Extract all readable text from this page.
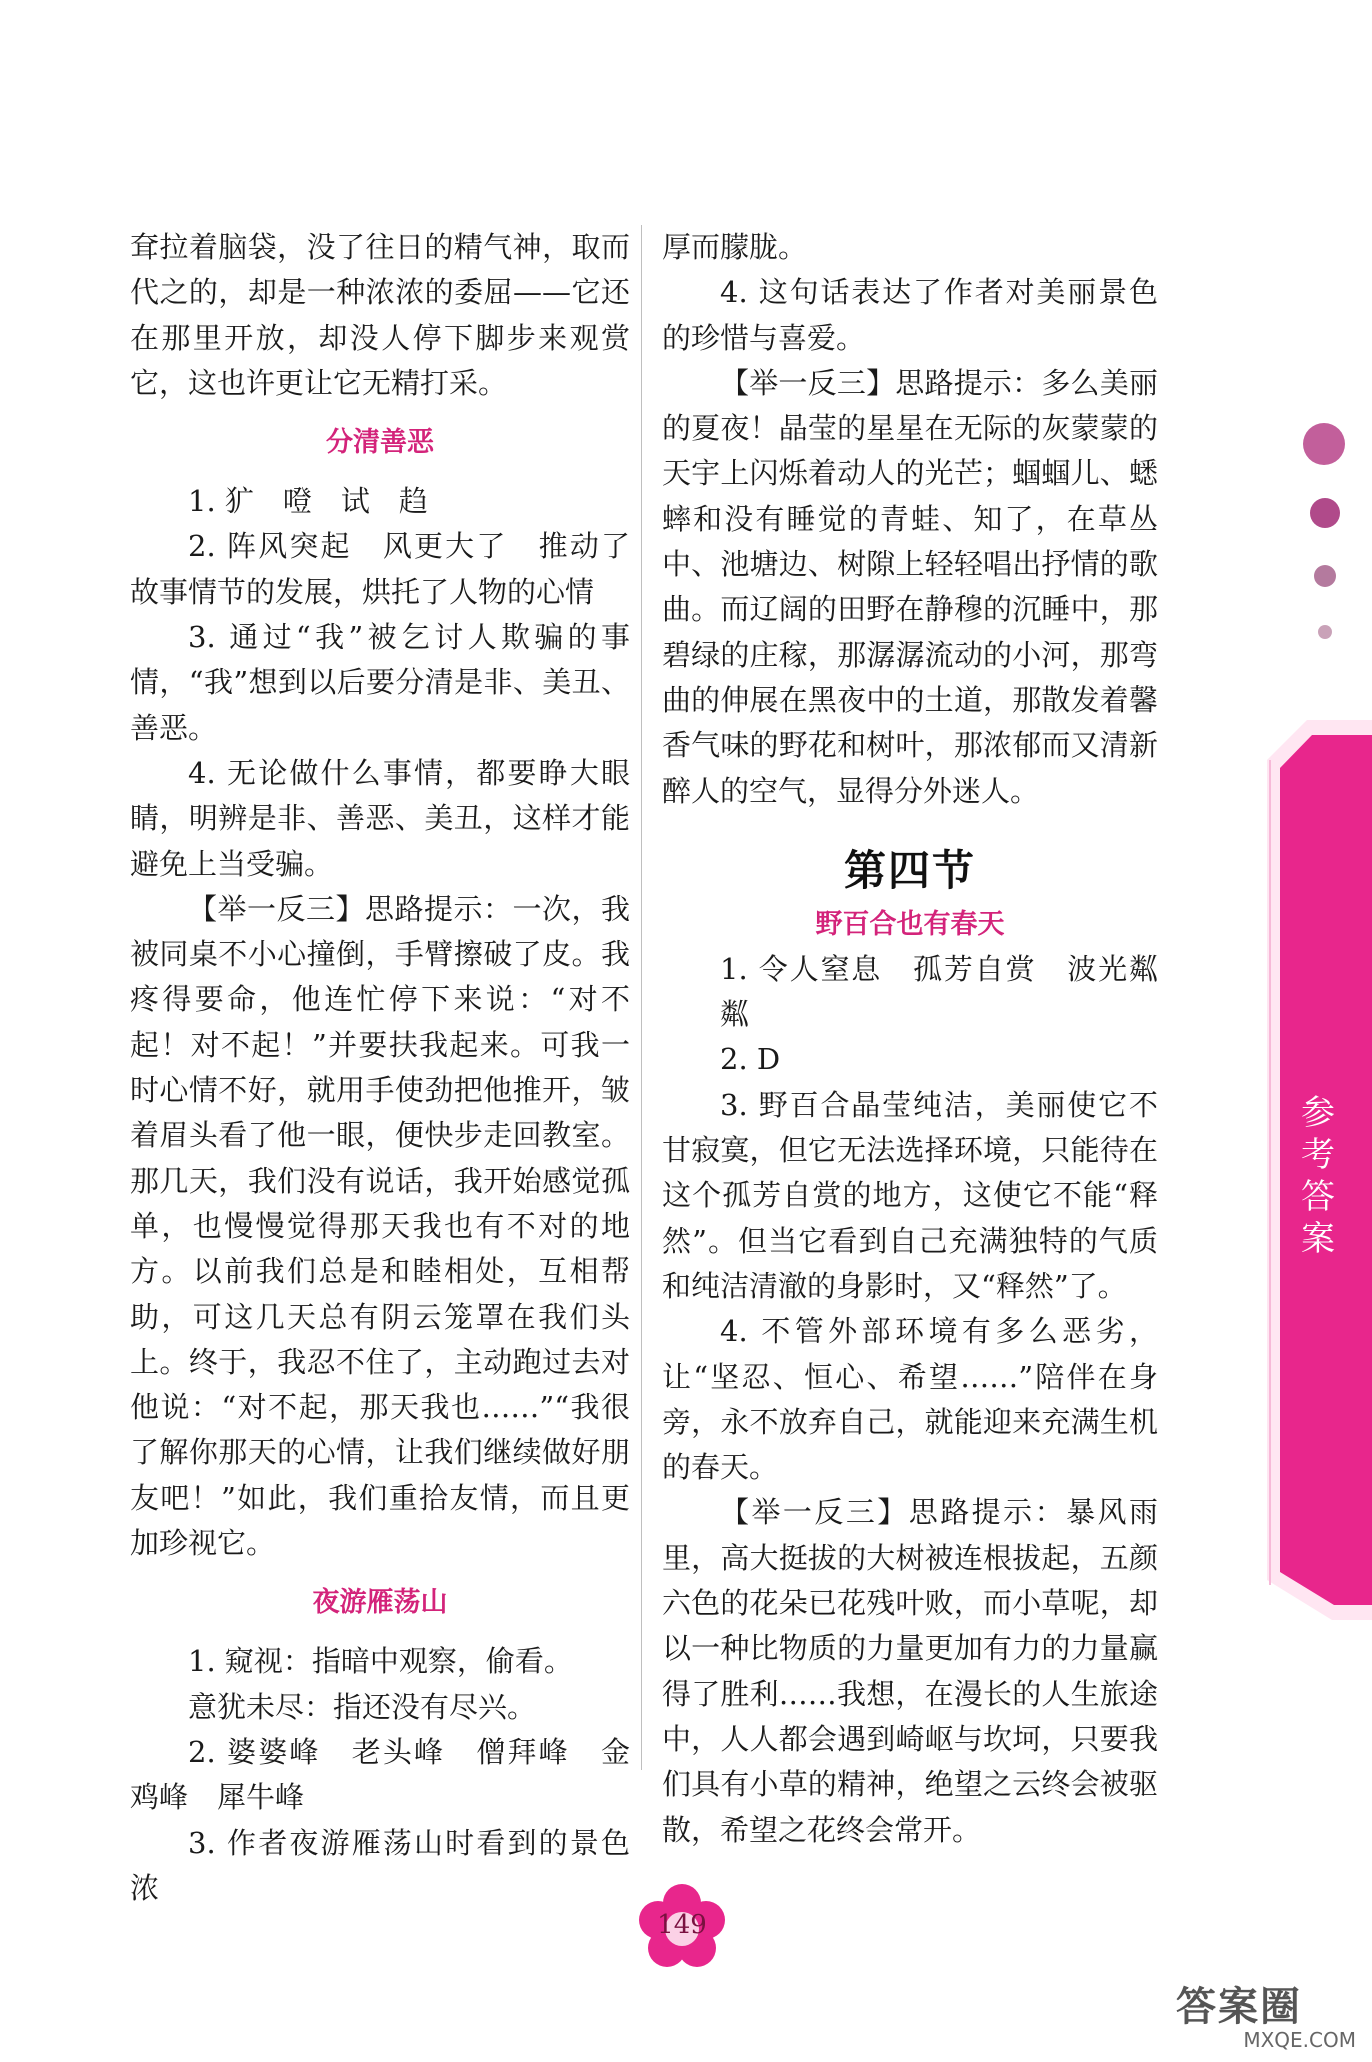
参考答案

耷拉着脑袋，没了往日的精气神，取而代之的，却是一种浓浓的委屈——它还在那里开放，却没人停下脚步来观赏它，这也许更让它无精打采。

分清善恶

1. 犷　噔　试　趋

2. 阵风突起　风更大了　推动了故事情节的发展，烘托了人物的心情

3. 通过“我”被乞讨人欺骗的事情，“我”想到以后要分清是非、美丑、善恶。

4. 无论做什么事情，都要睁大眼睛，明辨是非、善恶、美丑，这样才能避免上当受骗。

【举一反三】思路提示：一次，我被同桌不小心撞倒，手臂擦破了皮。我疼得要命，他连忙停下来说：“对不起！对不起！”并要扶我起来。可我一时心情不好，就用手使劲把他推开，皱着眉头看了他一眼，便快步走回教室。那几天，我们没有说话，我开始感觉孤单，也慢慢觉得那天我也有不对的地方。以前我们总是和睦相处，互相帮助，可这几天总有阴云笼罩在我们头上。终于，我忍不住了，主动跑过去对他说：“对不起，那天我也……”“我很了解你那天的心情，让我们继续做好朋友吧！”如此，我们重拾友情，而且更加珍视它。

夜游雁荡山

1. 窥视：指暗中观察，偷看。

意犹未尽：指还没有尽兴。

2. 婆婆峰　老头峰　僧拜峰　金鸡峰　犀牛峰

3. 作者夜游雁荡山时看到的景色浓

厚而朦胧。

4. 这句话表达了作者对美丽景色的珍惜与喜爱。

【举一反三】思路提示：多么美丽的夏夜！晶莹的星星在无际的灰蒙蒙的天宇上闪烁着动人的光芒；蝈蝈儿、蟋蟀和没有睡觉的青蛙、知了，在草丛中、池塘边、树隙上轻轻唱出抒情的歌曲。而辽阔的田野在静穆的沉睡中，那碧绿的庄稼，那潺潺流动的小河，那弯曲的伸展在黑夜中的土道，那散发着馨香气味的野花和树叶，那浓郁而又清新醉人的空气，显得分外迷人。

第四节
野百合也有春天

1. 令人窒息　孤芳自赏　波光粼粼

2. D

3. 野百合晶莹纯洁，美丽使它不甘寂寞，但它无法选择环境，只能待在这个孤芳自赏的地方，这使它不能“释然”。但当它看到自己充满独特的气质和纯洁清澈的身影时，又“释然”了。

4. 不管外部环境有多么恶劣，让“坚忍、恒心、希望……”陪伴在身旁，永不放弃自己，就能迎来充满生机的春天。

【举一反三】思路提示：暴风雨里，高大挺拔的大树被连根拔起，五颜六色的花朵已花残叶败，而小草呢，却以一种比物质的力量更加有力的力量赢得了胜利……我想，在漫长的人生旅途中，人人都会遇到崎岖与坎坷，只要我们具有小草的精神，绝望之云终会被驱散，希望之花终会常开。

149
答案圈
MXQE.COM
